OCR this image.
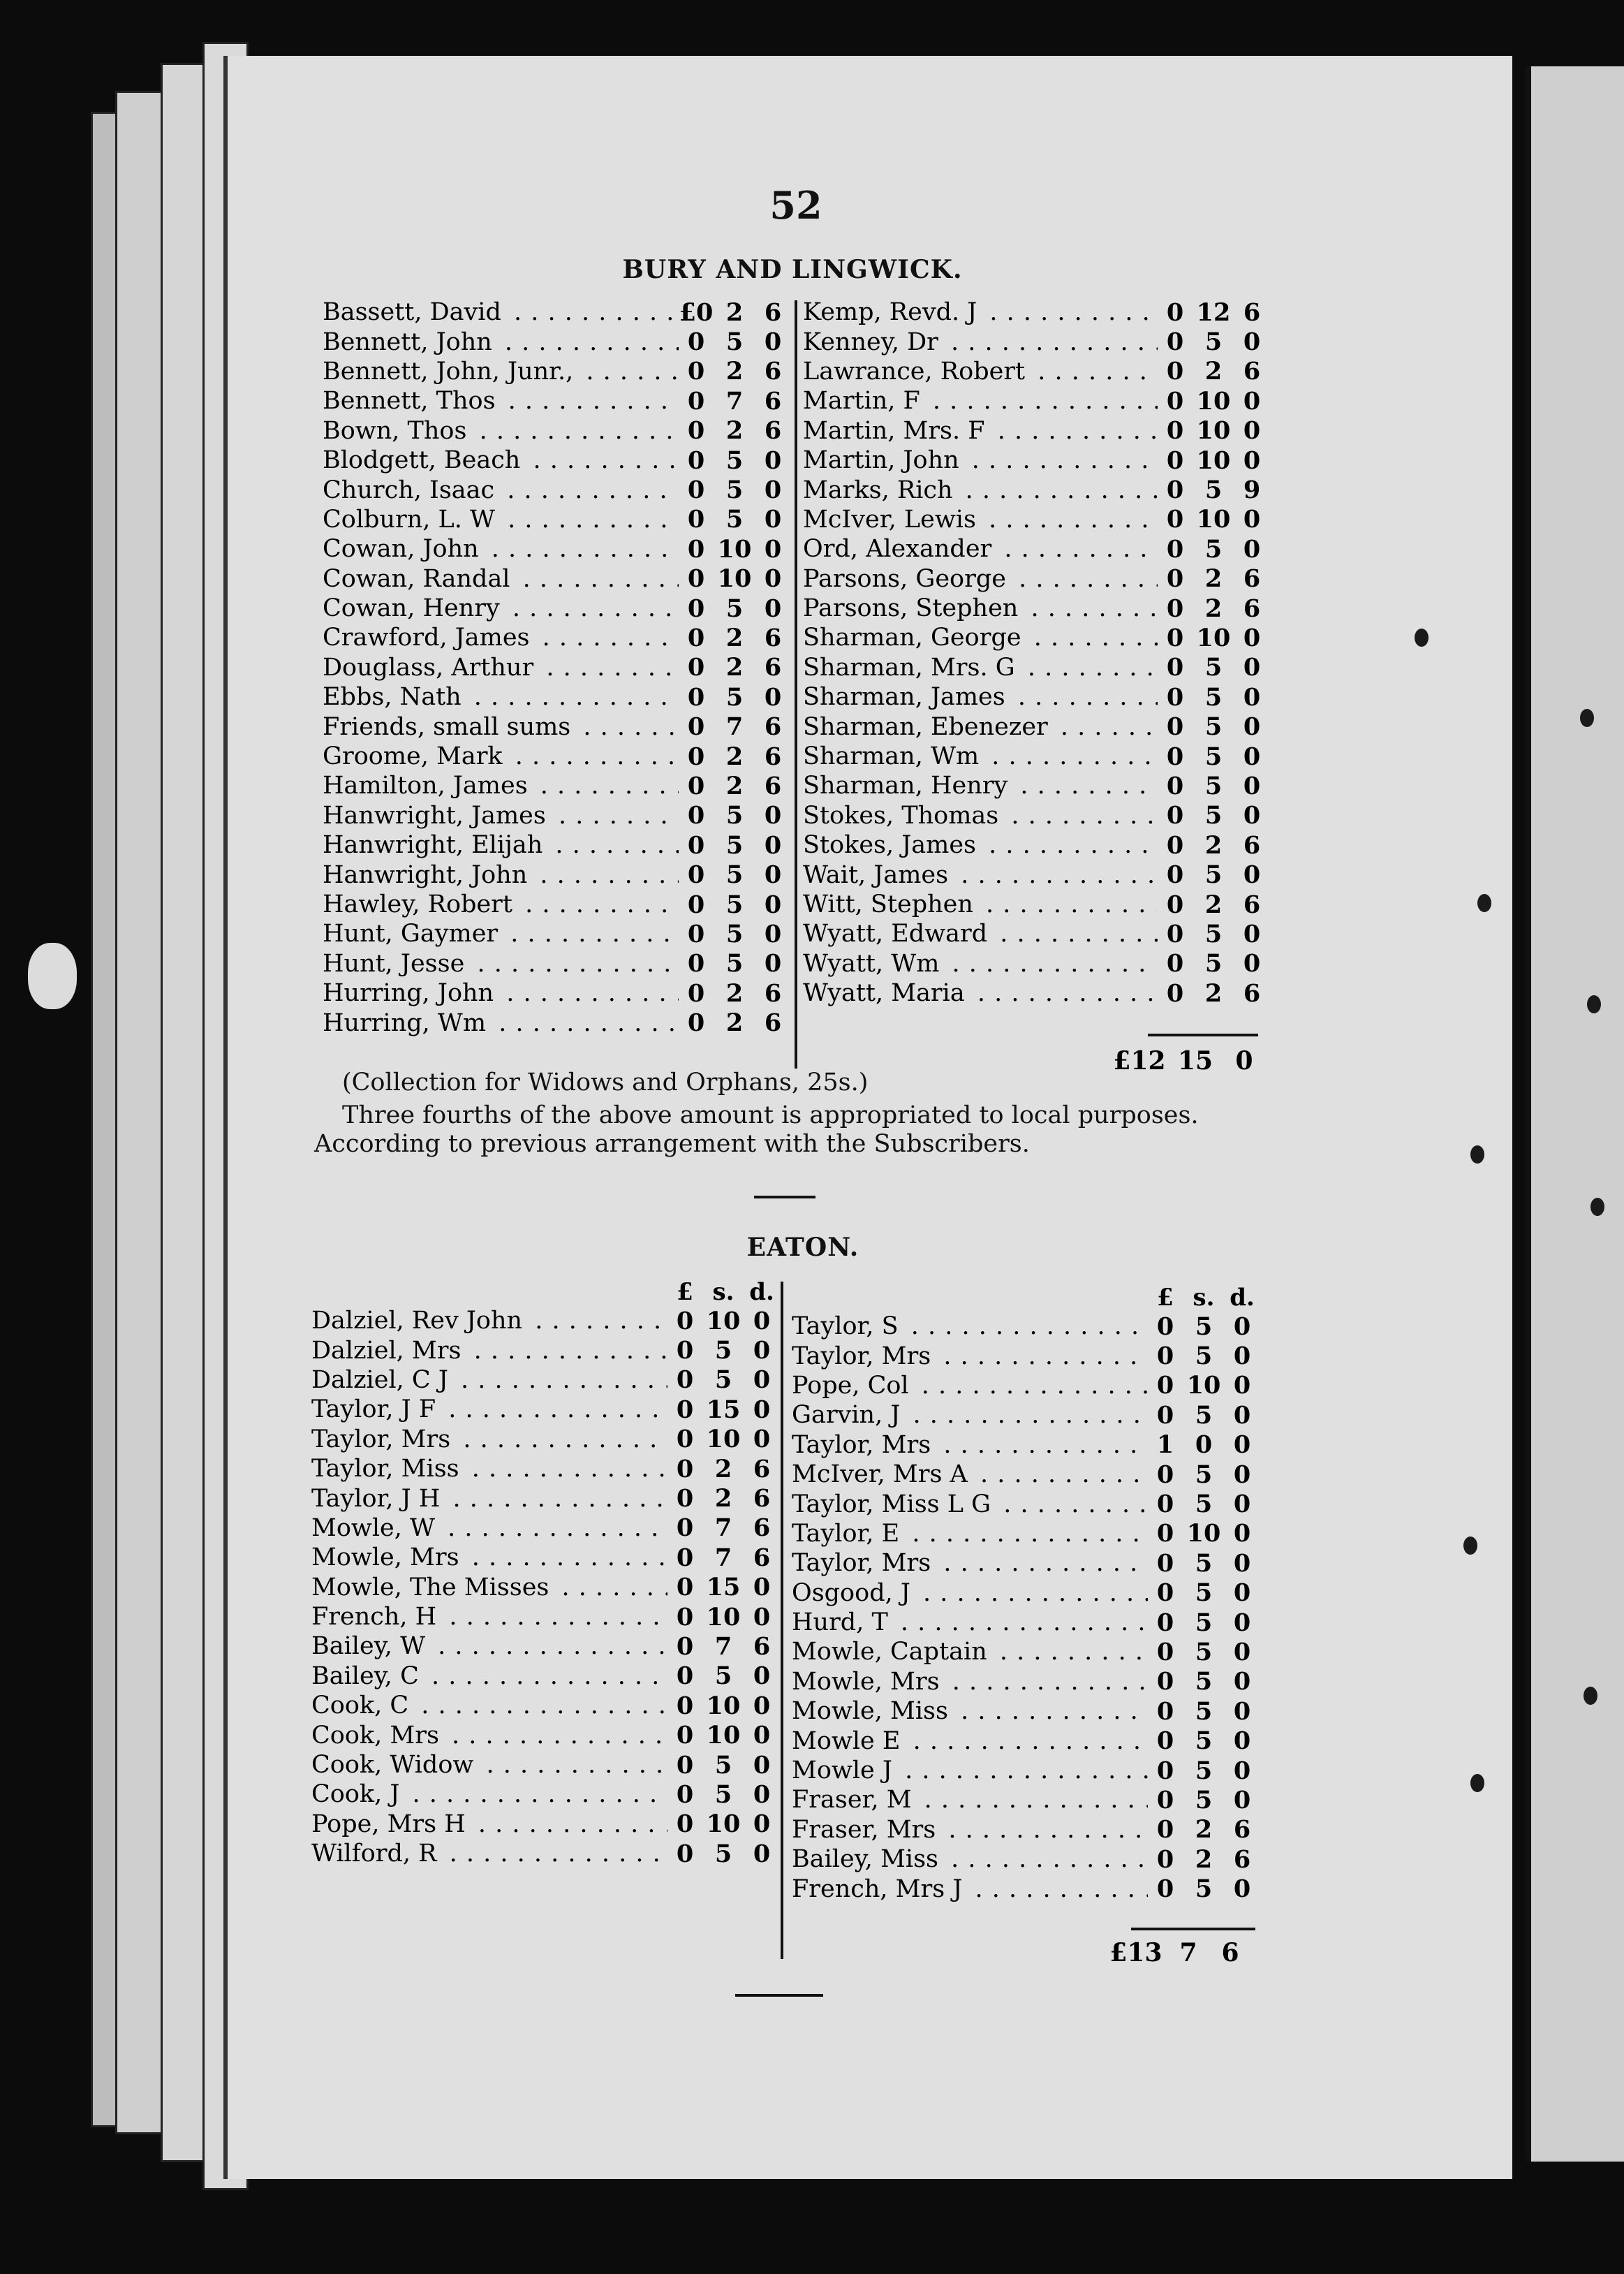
52
BURY AND LINGWICK.
Bassett, David . . .	£0 2 6
Bennett, John . . .	0 5 0
Bennett, John, Junr., . . .	0 2 6
Bennett, Thos . . .	0 7 6
Bown, Thos . . .	0 2 6
Blodgett, Beach . . .	0 5 0
Church, Isaac . . .	0 5 0
Colburn, L. W . . .	0 5 0
Cowan, John . . .	0 10 0
Cowan, Randal . . .	0 10 0
Cowan, Henry . . .	0 5 0
Crawford, James . . .	0 2 6
Douglass, Arthur . . .	0 2 6
Ebbs, Nath . . .	0 5 0
Friends, small sums . . .	0 7 6
Groome, Mark . . .	0 2 6
Hamilton, James . . .	0 2 6
Hanwright, James . . .	0 5 0
Hanwright, Elijah . . .	0 5 0
Hanwright, John . . .	0 5 0
Hawley, Robert . . .	0 5 0
Hunt, Gaymer . . .	0 5 0
Hunt, Jesse . . .	0 5 0
Hurring, John . . .	0 2 6
Hurring, Wm . . .	0 2 6
Kemp, Revd. J . . .	0 12 6
Kenney, Dr . . .	0 5 0
Lawrance, Robert . . .	0 2 6
Martin, F . . .	0 10 0
Martin, Mrs. F . . .	0 10 0
Martin, John . . .	0 10 0
Marks, Rich . . .	0 5 9
McIver, Lewis . . .	0 10 0
Ord, Alexander . . .	0 5 0
Parsons, George . . .	0 2 6
Parsons, Stephen . . .	0 2 6
Sharman, George . . .	0 10 0
Sharman, Mrs. G . . .	0 5 0
Sharman, James . . .	0 5 0
Sharman, Ebenezer . . .	0 5 0
Sharman, Wm . . .	0 5 0
Sharman, Henry . . .	0 5 0
Stokes, Thomas . . .	0 5 0
Stokes, James . . .	0 2 6
Wait, James . . .	0 5 0
Witt, Stephen . . .	0 2 6
Wyatt, Edward . . .	0 5 0
Wyatt, Wm . . .	0 5 0
Wyatt, Maria . . .	0 2 6
£12 15 0
(Collection for Widows and Orphans, 25s.)
Three fourths of the above amount is appropriated to local purposes.
According to previous arrangement with the Subscribers.
EATON.
£ s. d.	£ s. d.
Dalziel, Rev John . . .	0 10 0
Dalziel, Mrs . . .	0 5 0
Dalziel, C J . . .	0 5 0
Taylor, J F . . .	0 15 0
Taylor, Mrs . . .	0 10 0
Taylor, Miss . . .	0 2 6
Taylor, J H . . .	0 2 6
Mowle, W . . .	0 7 6
Mowle, Mrs . . .	0 7 6
Mowle, The Misses . . .	0 15 0
French, H . . .	0 10 0
Bailey, W . . .	0 7 6
Bailey, C . . .	0 5 0
Cook, C . . .	0 10 0
Cook, Mrs . . .	0 10 0
Cook, Widow . . .	0 5 0
Cook, J . . .	0 5 0
Pope, Mrs H . . .	0 10 0
Wilford, R . . .	0 5 0
Taylor, S . . .	0 5 0
Taylor, Mrs . . .	0 5 0
Pope, Col . . .	0 10 0
Garvin, J . . .	0 5 0
Taylor, Mrs . . .	1 0 0
McIver, Mrs A . . .	0 5 0
Taylor, Miss L G . . .	0 5 0
Taylor, E . . .	0 10 0
Taylor, Mrs . . .	0 5 0
Osgood, J . . .	0 5 0
Hurd, T . . .	0 5 0
Mowle, Captain . . .	0 5 0
Mowle, Mrs . . .	0 5 0
Mowle, Miss . . .	0 5 0
Mowle E . . .	0 5 0
Mowle J . . .	0 5 0
Fraser, M . . .	0 5 0
Fraser, Mrs . . .	0 2 6
Bailey, Miss . . .	0 2 6
French, Mrs J . . .	0 5 0
£13 7 6
